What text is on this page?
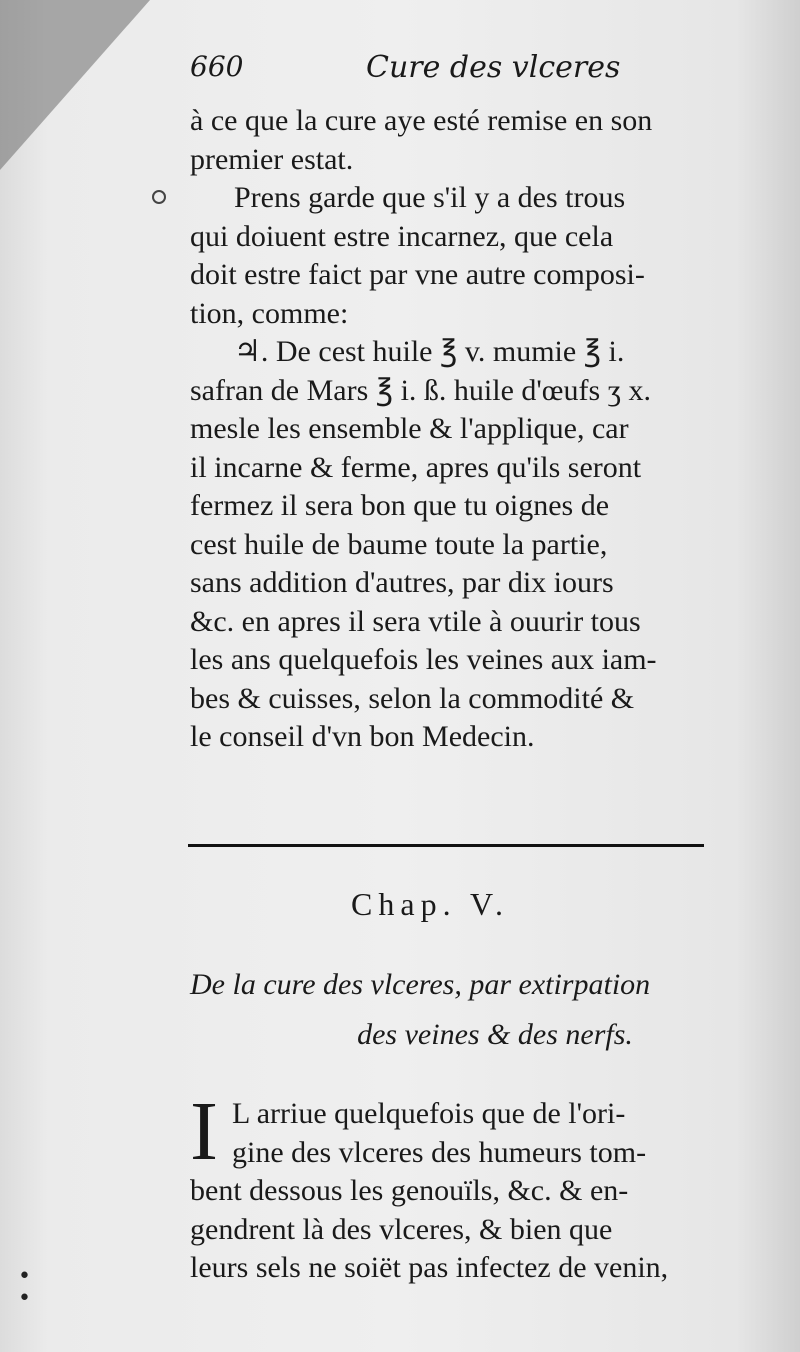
660	Cure des vlceres
à ce que la cure aye esté remise en son
premier estat.
Prens garde que s'il y a des trous
qui doiuent estre incarnez, que cela
doit estre faict par vne autre composi-
tion, comme:
♃. De cest huile ℥ v. mumie ℥ i.
safran de Mars ℥ i. ß. huile d'œufs ʒ x.
mesle les ensemble & l'applique, car
il incarne & ferme, apres qu'ils seront
fermez il sera bon que tu oignes de
cest huile de baume toute la partie,
sans addition d'autres, par dix iours
&c. en apres il sera vtile à ouurir tous
les ans quelquefois les veines aux iam-
bes & cuisses, selon la commodité &
le conseil d'vn bon Medecin.
Chap. V.
De la cure des vlceres, par extirpation
des veines & des nerfs.
I L arriue quelquefois que de l'ori-
gine des vlceres des humeurs tom-
bent dessous les genouïls, &c. & en-
gendrent là des vlceres, & bien que
leurs sels ne soiët pas infectez de venin,
•
•
